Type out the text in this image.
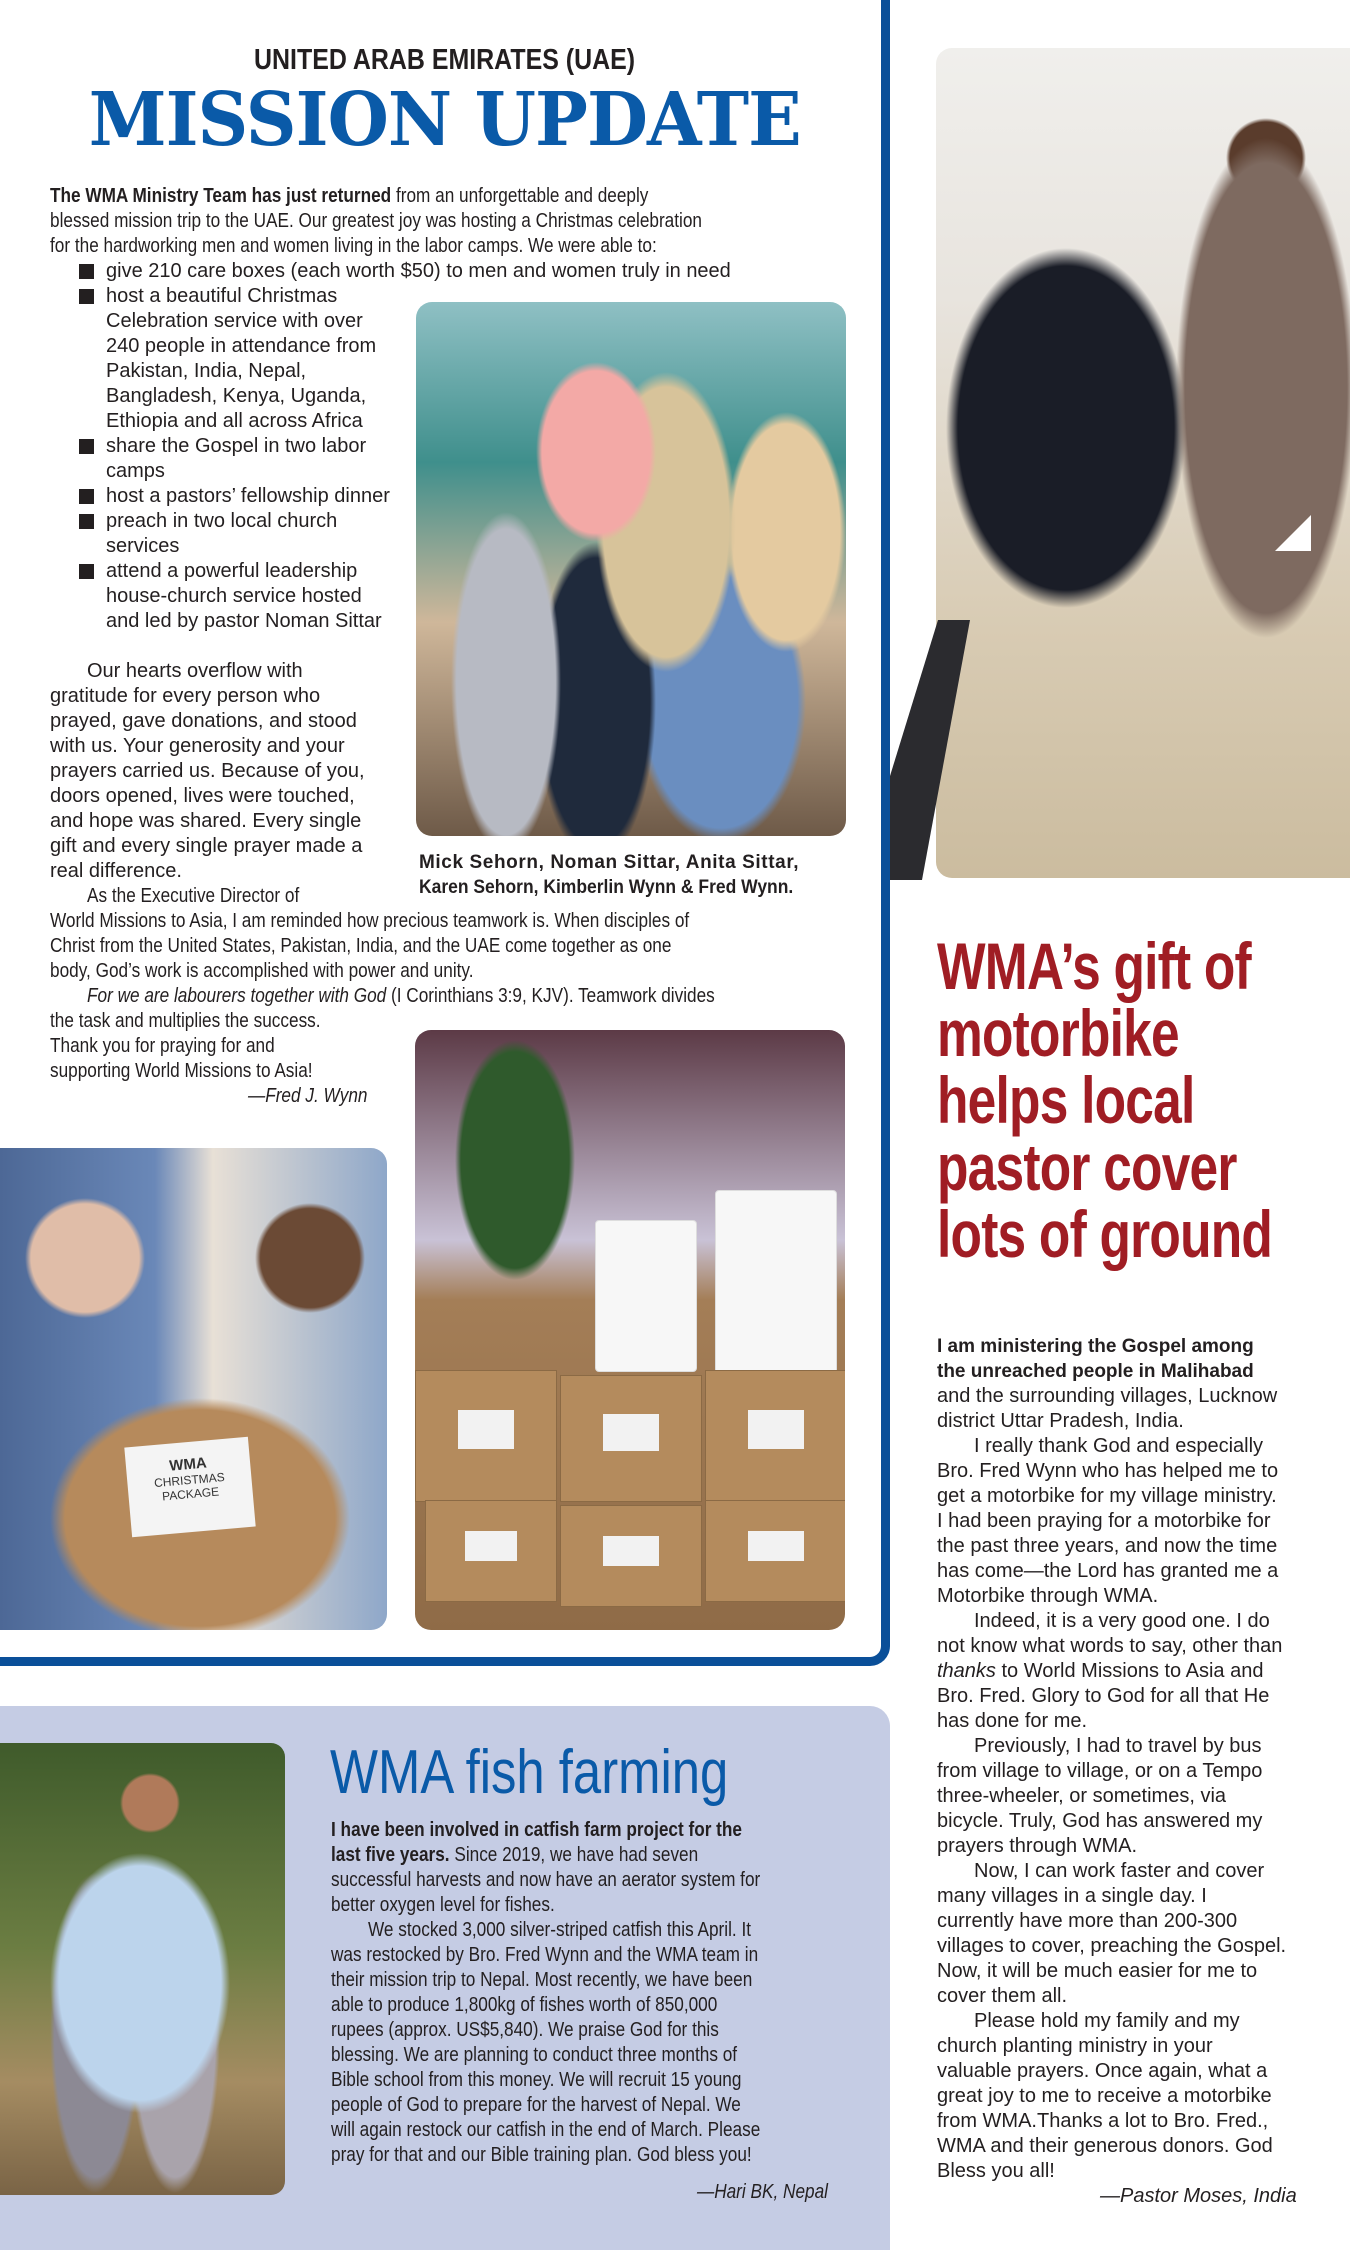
UNITED ARAB EMIRATES (UAE)
MISSION UPDATE
The WMA Ministry Team has just returned from an unforgettable and deeply
blessed mission trip to the UAE. Our greatest joy was hosting a Christmas celebration
for the hardworking men and women living in the labor camps. We were able to:
give 210 care boxes (each worth $50) to men and women truly in need
host a beautiful Christmas
Celebration service with over
240 people in attendance from
Pakistan, India, Nepal,
Bangladesh, Kenya, Uganda,
Ethiopia and all across Africa
share the Gospel in two labor
camps
host a pastors’ fellowship dinner
preach in two local church
services
attend a powerful leadership
house-church service hosted
and led by pastor Noman Sittar
Our hearts overflow with
gratitude for every person who
prayed, gave donations, and stood
with us. Your generosity and your
prayers carried us. Because of you,
doors opened, lives were touched,
and hope was shared. Every single
gift and every single prayer made a
real difference.
As the Executive Director of
World Missions to Asia, I am reminded how precious teamwork is. When disciples of
Christ from the United States, Pakistan, India, and the UAE come together as one
body, God’s work is accomplished with power and unity.
For we are labourers together with God (I Corinthians 3:9, KJV). Teamwork divides
the task and multiplies the success.
Thank you for praying for and
supporting World Missions to Asia!
—Fred J. Wynn
Mick Sehorn, Noman Sittar, Anita Sittar,
Karen Sehorn, Kimberlin Wynn & Fred Wynn.
WMA
CHRISTMAS
PACKAGE
WMA’s gift of
motorbike
helps local
pastor cover
lots of ground
I am ministering the Gospel among
the unreached people in Malihabad
and the surrounding villages, Lucknow
district Uttar Pradesh, India.
I really thank God and especially
Bro. Fred Wynn who has helped me to
get a motorbike for my village ministry.
I had been praying for a motorbike for
the past three years, and now the time
has come—the Lord has granted me a
Motorbike through WMA.
Indeed, it is a very good one. I do
not know what words to say, other than
thanks to World Missions to Asia and
Bro. Fred. Glory to God for all that He
has done for me.
Previously, I had to travel by bus
from village to village, or on a Tempo
three-wheeler, or sometimes, via
bicycle. Truly, God has answered my
prayers through WMA.
Now, I can work faster and cover
many villages in a single day. I
currently have more than 200-300
villages to cover, preaching the Gospel.
Now, it will be much easier for me to
cover them all.
Please hold my family and my
church planting ministry in your
valuable prayers. Once again, what a
great joy to me to receive a motorbike
from WMA.Thanks a lot to Bro. Fred.,
WMA and their generous donors. God
Bless you all!
—Pastor Moses, India
WMA fish farming
I have been involved in catfish farm project for the
last five years. Since 2019, we have had seven
successful harvests and now have an aerator system for
better oxygen level for fishes.
We stocked 3,000 silver-striped catfish this April. It
was restocked by Bro. Fred Wynn and the WMA team in
their mission trip to Nepal. Most recently, we have been
able to produce 1,800kg of fishes worth of 850,000
rupees (approx. US$5,840). We praise God for this
blessing. We are planning to conduct three months of
Bible school from this money. We will recruit 15 young
people of God to prepare for the harvest of Nepal. We
will again restock our catfish in the end of March. Please
pray for that and our Bible training plan. God bless you!
—Hari BK, Nepal
